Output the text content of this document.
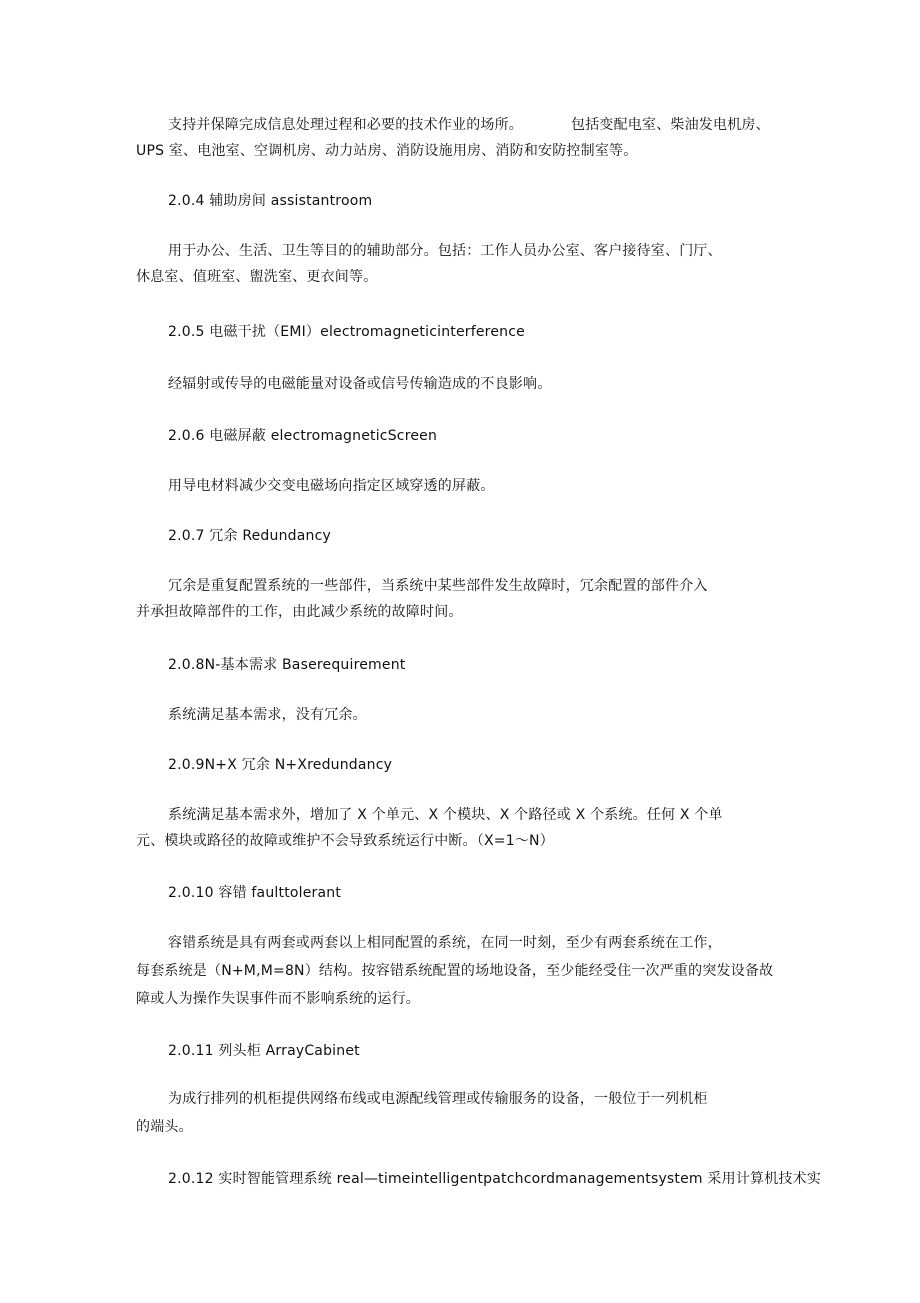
支持并保障完成信息处理过程和必要的技术作业的场所。	包括变配电室、柴油发电机房、
UPS 室、电池室、空调机房、动力站房、消防设施用房、消防和安防控制室等。
2.0.4 辅助房间 assistantroom
用于办公、生活、卫生等目的的辅助部分。包括：工作人员办公室、客户接待室、门厅、
休息室、值班室、盥洗室、更衣间等。
2.0.5 电磁干扰（EMI）electromagneticinterference
经辐射或传导的电磁能量对设备或信号传输造成的不良影响。
2.0.6 电磁屏蔽 electromagneticScreen
用导电材料减少交变电磁场向指定区域穿透的屏蔽。
2.0.7 冗余 Redundancy
冗余是重复配置系统的一些部件，当系统中某些部件发生故障时，冗余配置的部件介入
并承担故障部件的工作，由此减少系统的故障时间。
2.0.8N-基本需求 Baserequirement
系统满足基本需求，没有冗余。
2.0.9N+X 冗余 N+Xredundancy
系统满足基本需求外，增加了 X 个单元、X 个模块、X 个路径或 X 个系统。任何 X 个单
元、模块或路径的故障或维护不会导致系统运行中断。（X=1〜N）
2.0.10 容错 faulttolerant
容错系统是具有两套或两套以上相同配置的系统，在同一时刻，至少有两套系统在工作，
每套系统是（N+M,M=8N）结构。按容错系统配置的场地设备，至少能经受住一次严重的突发设备故
障或人为操作失误事件而不影响系统的运行。
2.0.11 列头柜 ArrayCabinet
为成行排列的机柜提供网络布线或电源配线管理或传输服务的设备，一般位于一列机柜
的端头。
2.0.12 实时智能管理系统 real—timeintelligentpatchcordmanagementsystem 采用计算机技术实
